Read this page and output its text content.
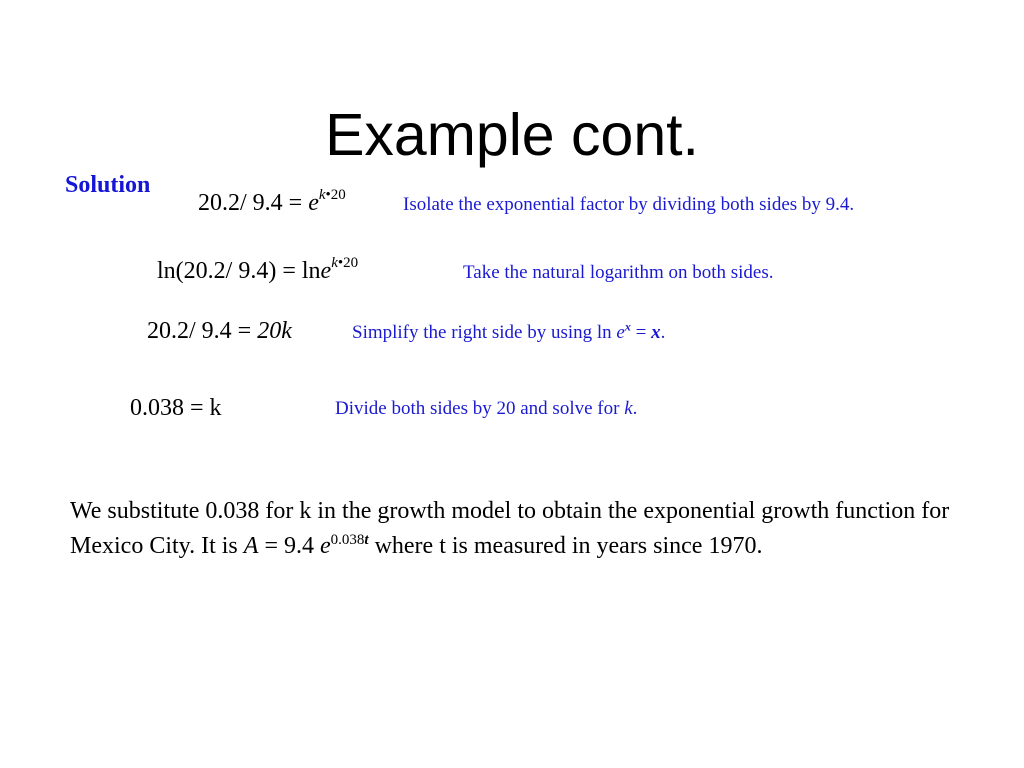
Example cont.
Solution
20.2/ $9.4 = e^{k•20}$	Isolate the exponential factor by dividing both sides by 9.4.
ln(20.2/ 9.4) = lne$^{k•20}$	Take the natural logarithm on both sides.
20.2/ 9.4 = 20k	Simplify the right side by using $\ln e^x = x$.
0.038 = k	Divide both sides by 20 and solve for k.
We substitute 0.038 for k in the growth model to obtain the exponential growth function for Mexico City. It is A = 9.4 $e^{0.038t}$ where t is measured in years since 1970.
